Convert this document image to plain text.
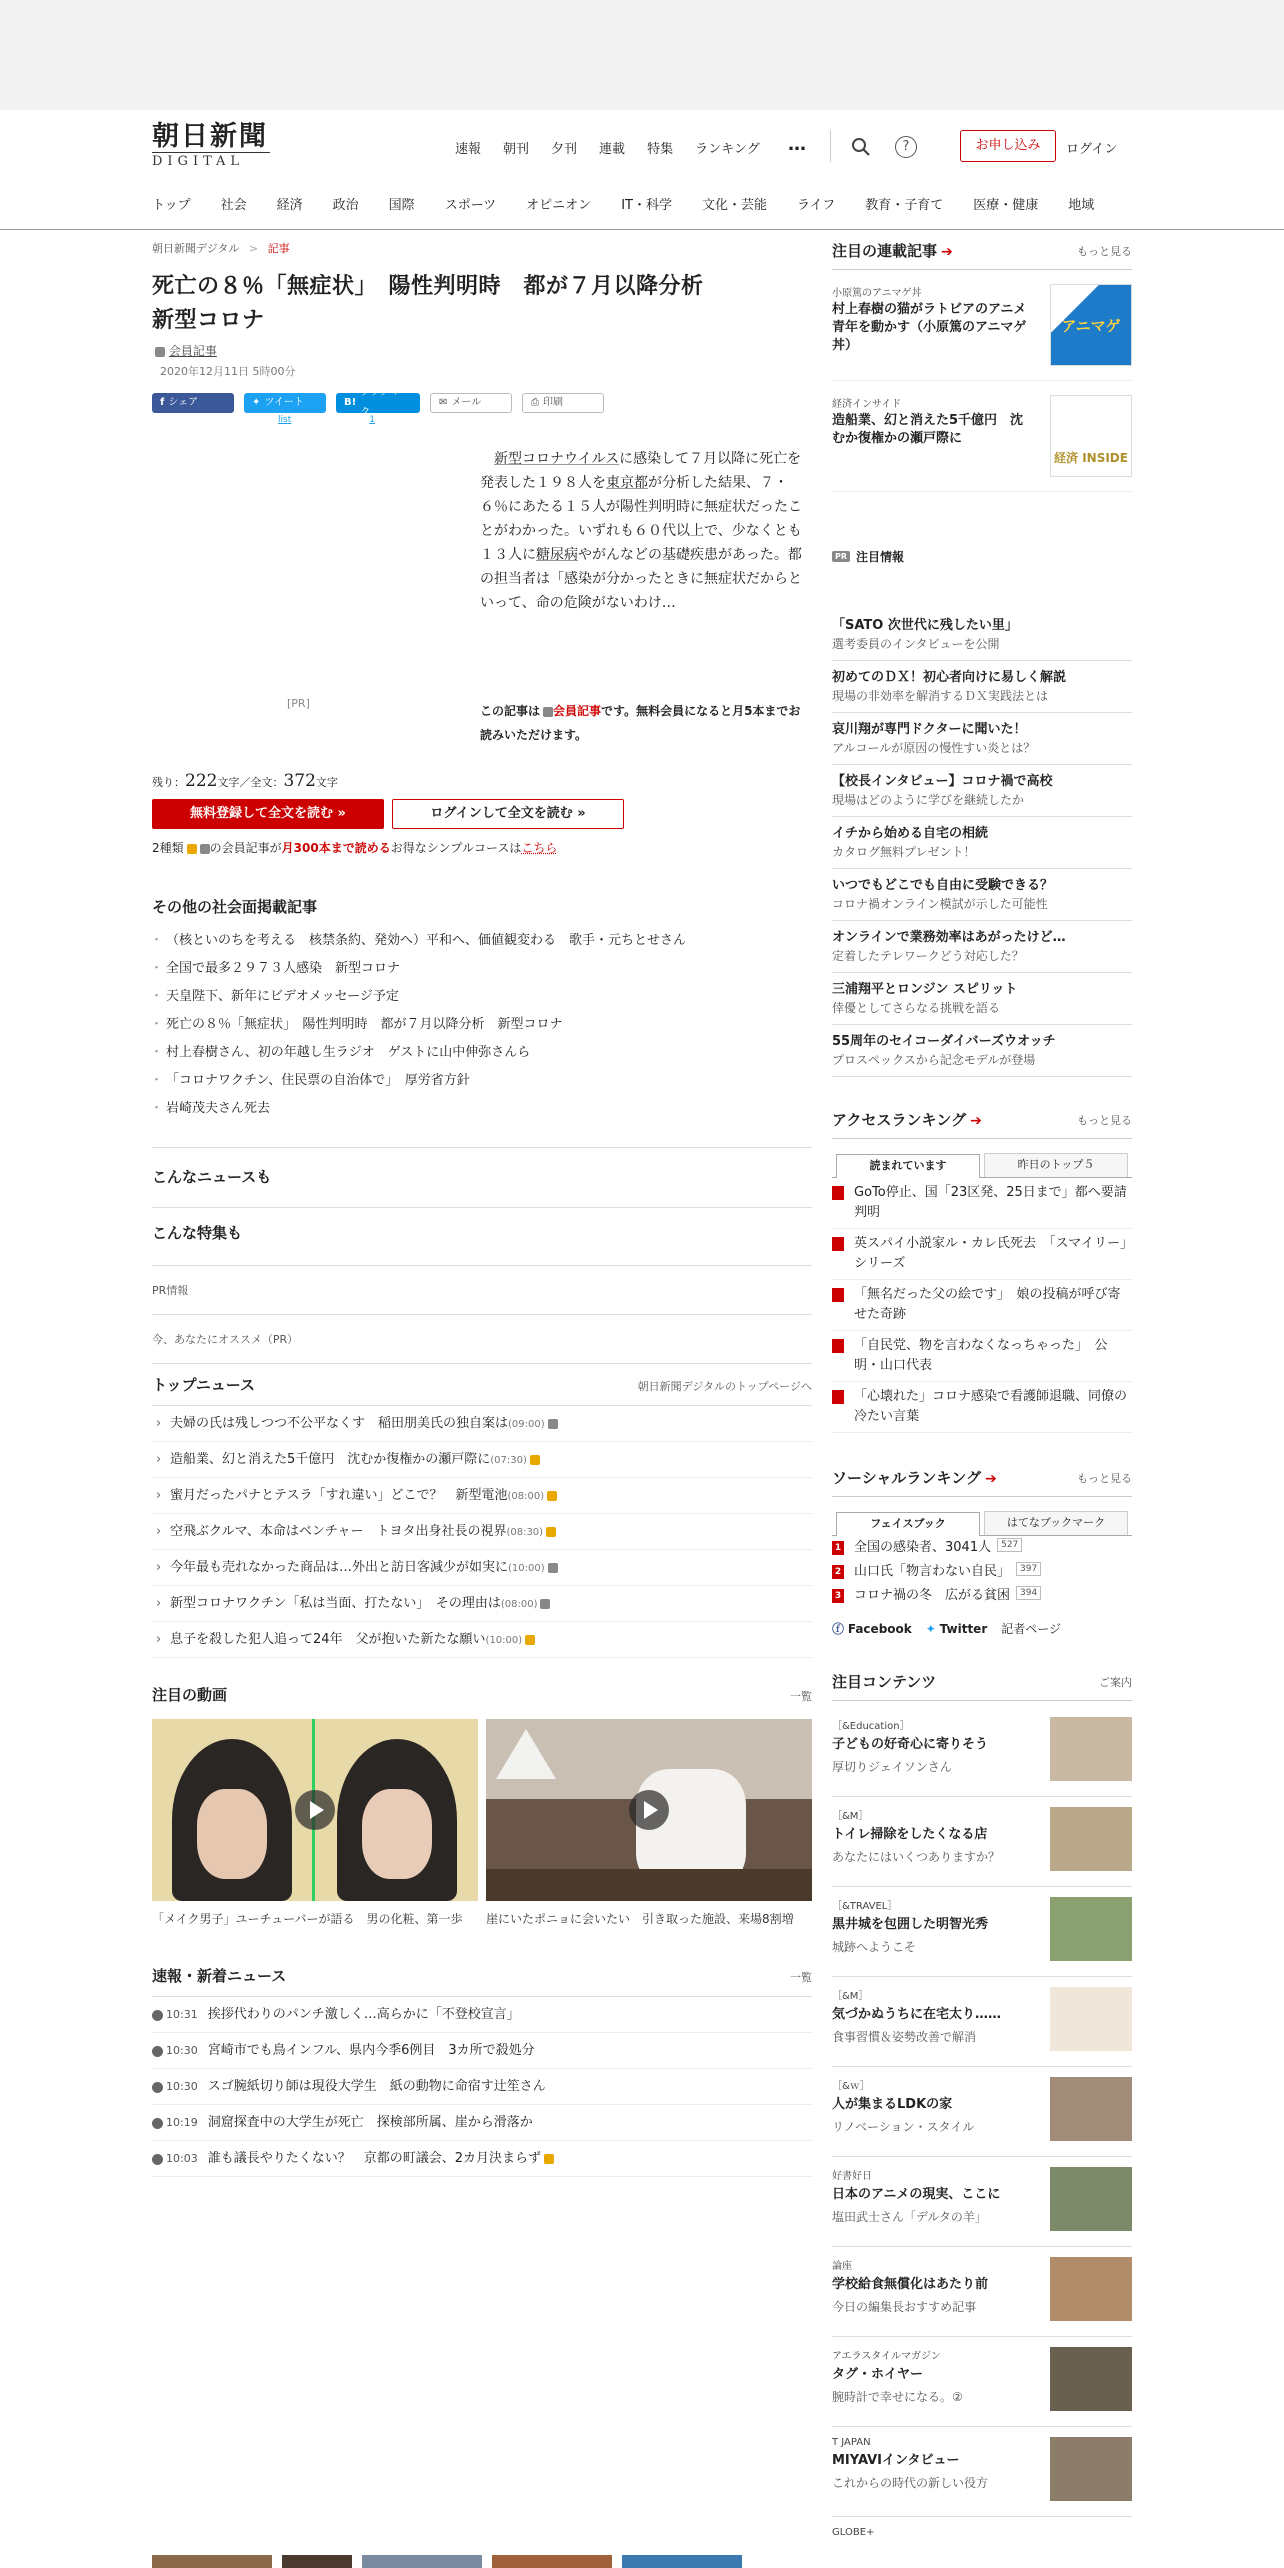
朝日新聞
DIGITAL
速報 朝刊 夕刊 連載 特集 ランキング …	?	お申し込み	ログイン
トップ 社会 経済 政治 国際 スポーツ オピニオン IT・科学 文化・芸能 ライフ 教育・子育て 医療・健康 地域
朝日新聞デジタル > 記事
死亡の８％「無症状」　陽性判明時　都が７月以降分析
新型コロナ
会員記事
2020年12月11日 5時00分
f シェア	✦ ツイート	B!
ブックマーク
✉ メール	⎙ 印刷
list	1
[PR]

新型コロナウイルスに感染して７月以降に死亡を発表した１９８人を東京都が分析した結果、７・６％にあたる１５人が陽性判明時に無症状だったことがわかった。いずれも６０代以上で、少なくとも１３人に糖尿病やがんなどの基礎疾患があった。都の担当者は「感染が分かったときに無症状だからといって、命の危険がないわけ…

この記事は 会員記事です。無料会員になると月5本までお読みいただけます。

残り：222文字／全文：372文字
無料登録して全文を読む »	ログインして全文を読む »
2種類 の会員記事が月300本まで読めるお得なシンプルコースはこちら
その他の社会面掲載記事
・ （核といのちを考える　核禁条約、発効へ）平和へ、価値観変わる　歌手・元ちとせさん
・ 全国で最多２９７３人感染　新型コロナ
・ 天皇陛下、新年にビデオメッセージ予定
・ 死亡の８％「無症状」　陽性判明時　都が７月以降分析　新型コロナ
・ 村上春樹さん、初の年越し生ラジオ　ゲストに山中伸弥さんら
・ 「コロナワクチン、住民票の自治体で」　厚労省方針
・ 岩崎茂夫さん死去
こんなニュースも
こんな特集も
PR情報
今、あなたにオススメ（PR）
トップニュース	朝日新聞デジタルのトップページへ
› 夫婦の氏は残しつつ不公平なくす　稲田朋美氏の独自案は(09:00)
› 造船業、幻と消えた5千億円　沈むか復権かの瀬戸際に(07:30)
› 蜜月だったパナとテスラ「すれ違い」どこで？　新型電池(08:00)
› 空飛ぶクルマ、本命はベンチャー　トヨタ出身社長の視界(08:30)
› 今年最も売れなかった商品は…外出と訪日客減少が如実に(10:00)
› 新型コロナワクチン「私は当面、打たない」　その理由は(08:00)
› 息子を殺した犯人追って24年　父が抱いた新たな願い(10:00)
注目の動画	一覧
「メイク男子」ユーチューバーが語る　男の化粧、第一歩	崖にいたポニョに会いたい　引き取った施設、来場8割増
速報・新着ニュース	一覧
10:31 挨拶代わりのパンチ激しく…高らかに「不登校宣言」
10:30 宮崎市でも鳥インフル、県内今季6例目　3カ所で殺処分
10:30 スゴ腕紙切り師は現役大学生　紙の動物に命宿す辻笙さん
10:19 洞窟探査中の大学生が死亡　探検部所属、崖から滑落か
10:03 誰も議長やりたくない？　京都の町議会、2カ月決まらず
注目の連載記事 ➔	もっと見る
小原篤のアニマゲ丼
村上春樹の猫がラトビアのアニメ青年を動かす（小原篤のアニマゲ丼）
アニマゲ
経済インサイド
造船業、幻と消えた5千億円　沈むか復権かの瀬戸際に
経済 INSIDE
PR 注目情報
「SATO 次世代に残したい里」
選考委員のインタビューを公開
初めてのＤＸ！初心者向けに易しく解説
現場の非効率を解消するＤＸ実践法とは
哀川翔が専門ドクターに聞いた！
アルコールが原因の慢性すい炎とは？
【校長インタビュー】コロナ禍で高校
現場はどのように学びを継続したか
イチから始める自宅の相続
カタログ無料プレゼント！
いつでもどこでも自由に受験できる？
コロナ禍オンライン模試が示した可能性
オンラインで業務効率はあがったけど…
定着したテレワークどう対応した？
三浦翔平とロンジン スピリット
倖優としてさらなる挑戦を語る
55周年のセイコーダイバーズウオッチ
プロスペックスから記念モデルが登場
アクセスランキング ➔	もっと見る
読まれています	昨日のトップ５
GoTo停止、国「23区発、25日まで」都へ要請判明
英スパイ小説家ル・カレ氏死去　「スマイリー」シリーズ
「無名だった父の絵です」　娘の投稿が呼び寄せた奇跡
「自民党、物を言わなくなっちゃった」　公明・山口代表
「心壊れた」コロナ感染で看護師退職、同僚の冷たい言葉
ソーシャルランキング ➔	もっと見る
フェイスブック	はてなブックマーク
1 全国の感染者、3041人	527
2 山口氏「物言わない自民」	397
3 コロナ禍の冬　広がる貧困	394
ⓕ Facebook ✦ Twitter 記者ページ
注目コンテンツ	ご案内
［&Education］
子どもの好奇心に寄りそう
厚切りジェイソンさん
［&M］
トイレ掃除をしたくなる店
あなたにはいくつありますか？
［&TRAVEL］
黒井城を包囲した明智光秀
城跡へようこそ
［&M］
気づかぬうちに在宅太り……
食事習慣＆姿勢改善で解消
［&ｗ］
人が集まるLDKの家
リノベーション・スタイル
好書好日
日本のアニメの現実、ここに
塩田武士さん「デルタの羊」
論座
学校給食無償化はあたり前
今日の編集長おすすめ記事
アエラスタイルマガジン
タグ・ホイヤー
腕時計で幸せになる。②
T JAPAN
MIYAVIインタビュー
これからの時代の新しい役方
GLOBE+
